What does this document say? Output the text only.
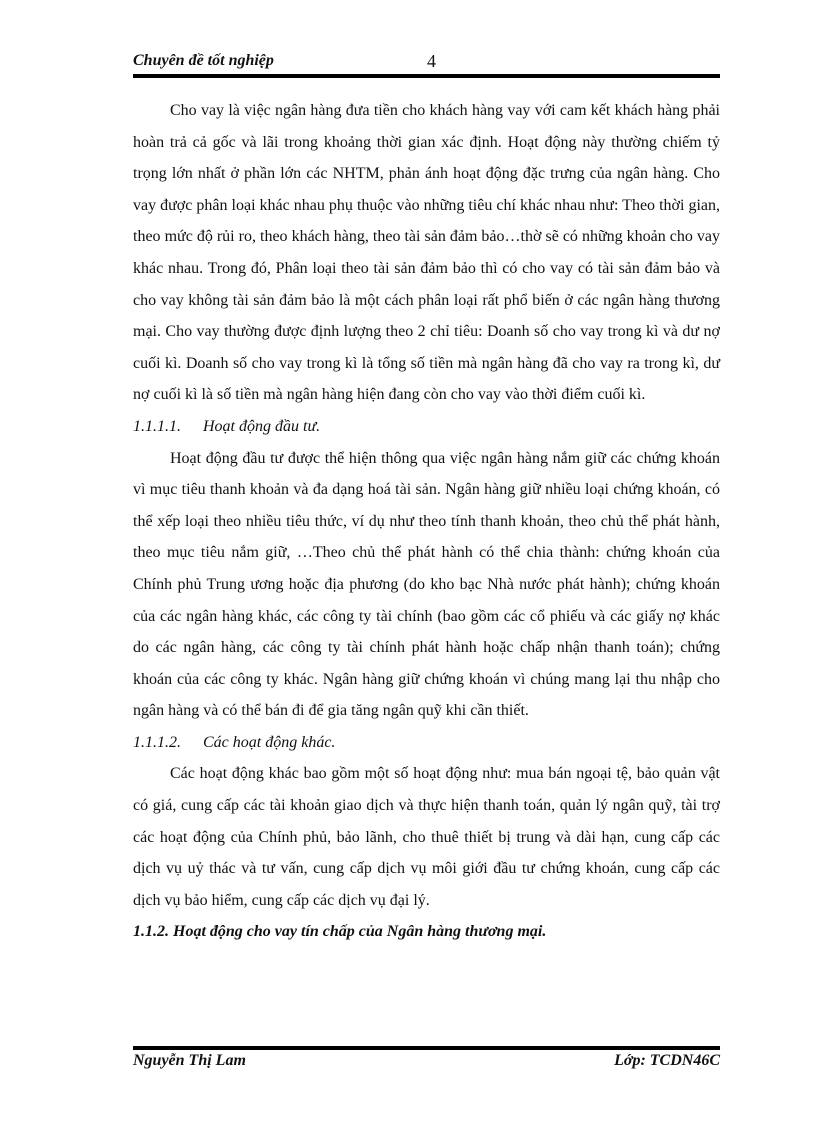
Chuyên đề tốt nghiệp	4

Cho vay là việc ngân hàng đưa tiền cho khách hàng vay với cam kết khách hàng phải hoàn trả cả gốc và lãi trong khoảng thời gian xác định. Hoạt động này thường chiếm tỷ trọng lớn nhất ở phần lớn các NHTM, phản ánh hoạt động đặc trưng của ngân hàng. Cho vay được phân loại khác nhau phụ thuộc vào những tiêu chí khác nhau như: Theo thời gian, theo mức độ rủi ro, theo khách hàng, theo tài sản đảm bảo…thờ sẽ có những khoản cho vay khác nhau. Trong đó, Phân loại theo tài sản đảm bảo thì có cho vay có tài sản đảm bảo và cho vay không tài sản đảm bảo là một cách phân loại rất phổ biến ở các ngân hàng thương mại. Cho vay thường được định lượng theo 2 chỉ tiêu: Doanh số cho vay trong kì và dư nợ cuối kì. Doanh số cho vay trong kì là tổng số tiền mà ngân hàng đã cho vay ra trong kì, dư nợ cuối kì là số tiền mà ngân hàng hiện đang còn cho vay vào thời điểm cuối kì.

1.1.1.1. Hoạt động đầu tư.

Hoạt động đầu tư được thể hiện thông qua việc ngân hàng nắm giữ các chứng khoán vì mục tiêu thanh khoản và đa dạng hoá tài sản. Ngân hàng giữ nhiều loại chứng khoán, có thể xếp loại theo nhiều tiêu thức, ví dụ như theo tính thanh khoản, theo chủ thể phát hành, theo mục tiêu nắm giữ, …Theo chủ thể phát hành có thể chia thành: chứng khoán của Chính phủ Trung ương hoặc địa phương (do kho bạc Nhà nước phát hành); chứng khoán của các ngân hàng khác, các công ty tài chính (bao gồm các cổ phiếu và các giấy nợ khác do các ngân hàng, các công ty tài chính phát hành hoặc chấp nhận thanh toán); chứng khoán của các công ty khác. Ngân hàng giữ chứng khoán vì chúng mang lại thu nhập cho ngân hàng và có thể bán đi để gia tăng ngân quỹ khi cần thiết.

1.1.1.2. Các hoạt động khác.

Các hoạt động khác bao gồm một số hoạt động như: mua bán ngoại tệ, bảo quản vật có giá, cung cấp các tài khoản giao dịch và thực hiện thanh toán, quản lý ngân quỹ, tài trợ các hoạt động của Chính phủ, bảo lãnh, cho thuê thiết bị trung và dài hạn, cung cấp các dịch vụ uỷ thác và tư vấn, cung cấp dịch vụ môi giới đầu tư chứng khoán, cung cấp các dịch vụ bảo hiểm, cung cấp các dịch vụ đại lý.

1.1.2. Hoạt động cho vay tín chấp của Ngân hàng thương mại.

Nguyễn Thị Lam	Lớp: TCDN46C
